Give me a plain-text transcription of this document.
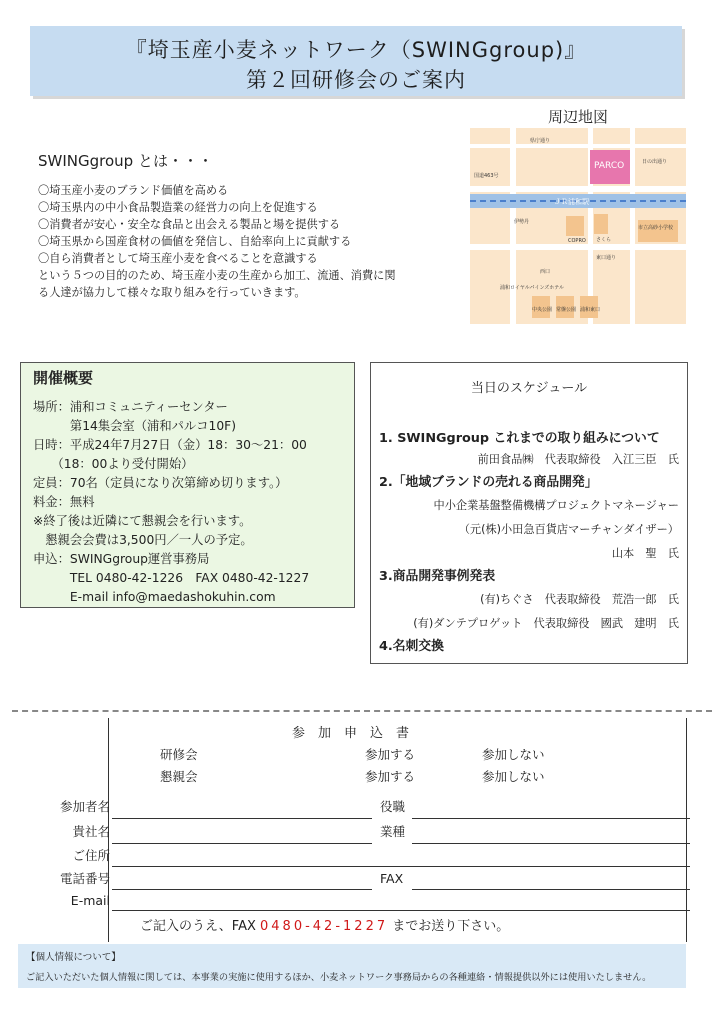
『埼玉産小麦ネットワーク（SWINGgroup)』
第２回研修会のご案内
周辺地図
PARCO
県庁通り
国道463号
日の出通り
ＪＲ浦和駅
市立高砂小学校
伊勢丹
浦和ロイヤルパインズホテル
COPRO さくら
中央公園 常盤公園 浦和東口
東口通り
西口
SWINGgroup とは・・・
〇埼玉産小麦のブランド価値を高める
〇埼玉県内の中小食品製造業の経営力の向上を促進する
〇消費者が安心・安全な食品と出会える製品と場を提供する
〇埼玉県から国産食材の価値を発信し、自給率向上に貢献する
〇自ら消費者として埼玉産小麦を食べることを意識する
という５つの目的のため、埼玉産小麦の生産から加工、流通、消費に関
る人達が協力して様々な取り組みを行っていきます。
開催概要
場所：浦和コミュニティーセンター
　　　第14集会室（浦和パルコ10F)
日時：平成24年7月27日（金）18：30～21：00
　　（18：00より受付開始）
定員：70名（定員になり次第締め切ります。）
料金：無料
※終了後は近隣にて懇親会を行います。
　懇親会会費は3,500円／一人の予定。
申込：SWINGgroup運営事務局
　　　TEL 0480-42-1226　FAX 0480-42-1227
　　　E-mail info@maedashokuhin.com
当日のスケジュール
1. SWINGgroup これまでの取り組みについて
前田食品㈱　代表取締役　入江三臣　氏
2.「地域ブランドの売れる商品開発」
中小企業基盤整備機構プロジェクトマネージャー
（元(株)小田急百貨店マーチャンダイザー）
山本　聖　氏
3.商品開発事例発表
(有)ちぐさ　代表取締役　荒浩一郎　氏
(有)ダンテプロゲット　代表取締役　國武　建明　氏
4.名刺交換
参　加　申　込　書
研修会	参加する	参加しない
懇親会	参加する	参加しない
参加者名	役職
貴社名	業種
ご住所
電話番号	FAX
E-mail
ご記入のうえ、FAX 0480-42-1227 までお送り下さい。
【個人情報について】
ご記入いただいた個人情報に関しては、本事業の実施に使用するほか、小麦ネットワーク事務局からの各種連絡・情報提供以外には使用いたしません。
